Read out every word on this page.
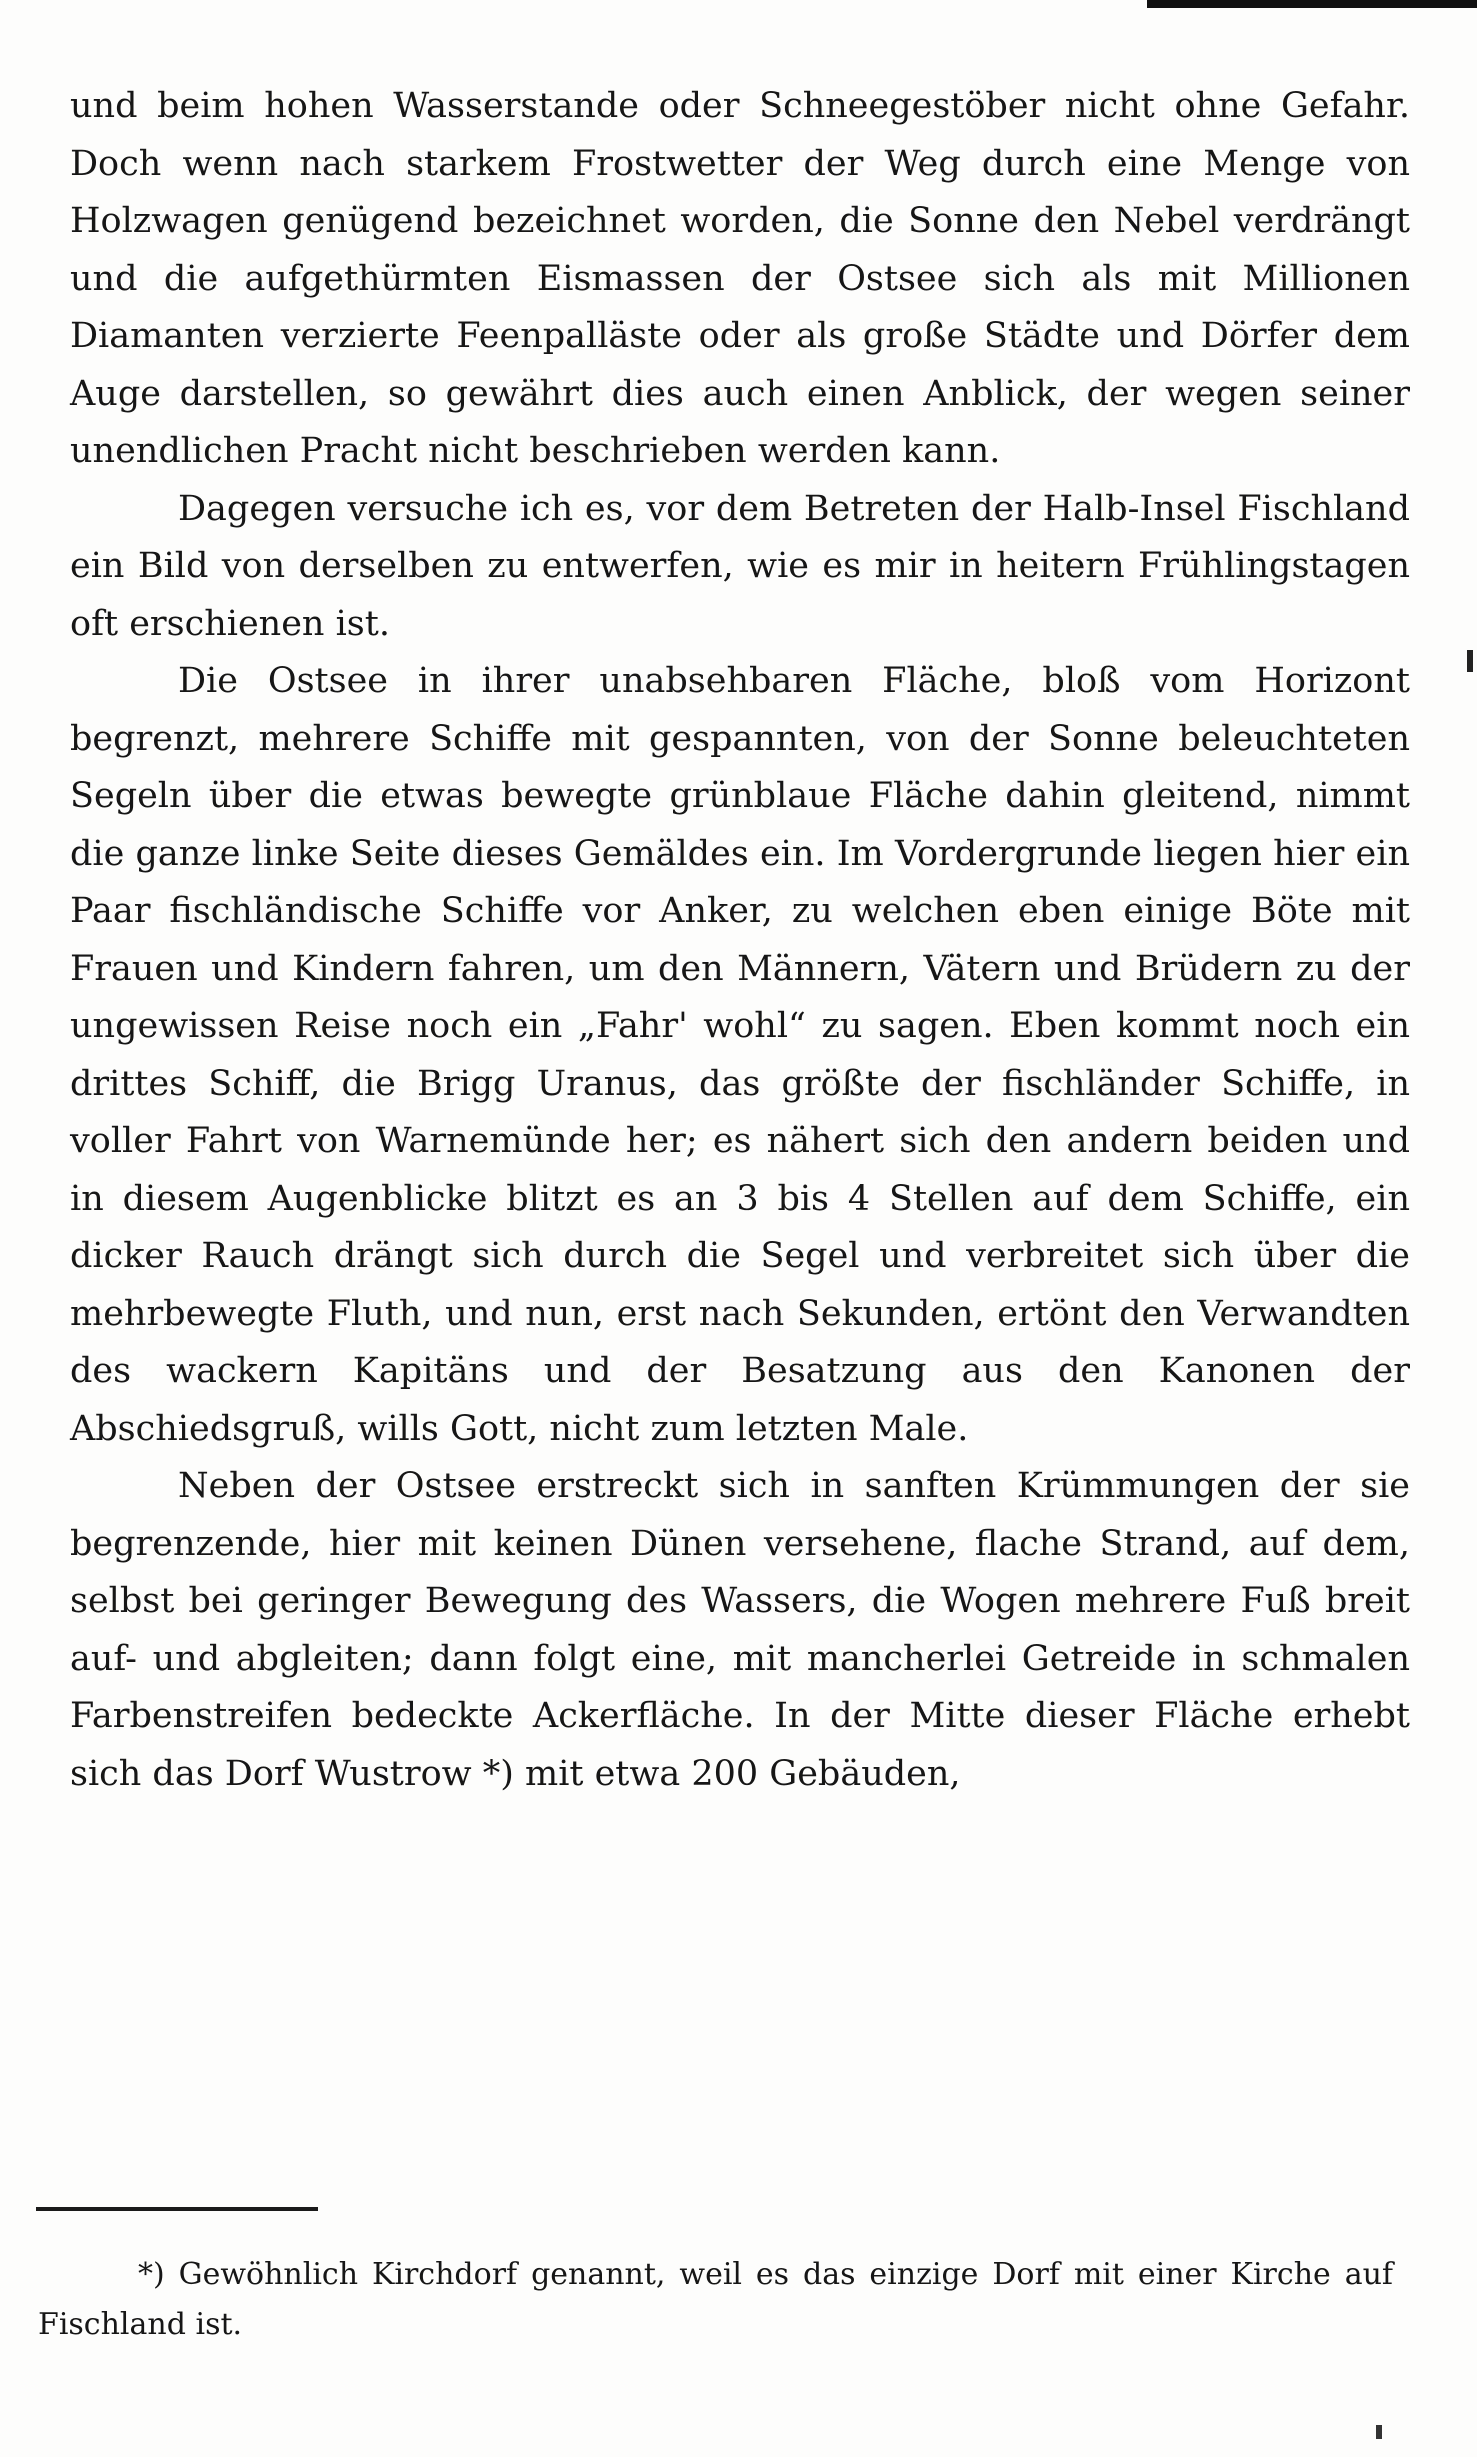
und beim hohen Wasserstande oder Schneegestöber nicht ohne Gefahr. Doch wenn nach starkem Frostwetter der Weg durch eine Menge von Holzwagen genügend bezeichnet worden, die Sonne den Nebel verdrängt und die aufgethürmten Eismassen der Ostsee sich als mit Millionen Diamanten verzierte Feenpalläste oder als große Städte und Dörfer dem Auge darstellen, so gewährt dies auch einen Anblick, der wegen seiner unendlichen Pracht nicht beschrieben werden kann.

Dagegen versuche ich es, vor dem Betreten der Halb-Insel Fischland ein Bild von derselben zu entwerfen, wie es mir in heitern Frühlingstagen oft erschienen ist.

Die Ostsee in ihrer unabsehbaren Fläche, bloß vom Horizont begrenzt, mehrere Schiffe mit gespannten, von der Sonne beleuchteten Segeln über die etwas bewegte grünblaue Fläche dahin gleitend, nimmt die ganze linke Seite dieses Gemäldes ein. Im Vordergrunde liegen hier ein Paar fischländische Schiffe vor Anker, zu welchen eben einige Böte mit Frauen und Kindern fahren, um den Männern, Vätern und Brüdern zu der ungewissen Reise noch ein „Fahr' wohl“ zu sagen. Eben kommt noch ein drittes Schiff, die Brigg Uranus, das größte der fischländer Schiffe, in voller Fahrt von Warnemünde her; es nähert sich den andern beiden und in diesem Augenblicke blitzt es an 3 bis 4 Stellen auf dem Schiffe, ein dicker Rauch drängt sich durch die Segel und verbreitet sich über die mehrbewegte Fluth, und nun, erst nach Sekunden, ertönt den Verwandten des wackern Kapitäns und der Besatzung aus den Kanonen der Abschiedsgruß, wills Gott, nicht zum letzten Male.

Neben der Ostsee erstreckt sich in sanften Krümmungen der sie begrenzende, hier mit keinen Dünen versehene, flache Strand, auf dem, selbst bei geringer Bewegung des Wassers, die Wogen mehrere Fuß breit auf- und abgleiten; dann folgt eine, mit mancherlei Getreide in schmalen Farbenstreifen bedeckte Ackerfläche. In der Mitte dieser Fläche erhebt sich das Dorf Wustrow *) mit etwa 200 Gebäuden,

*) Gewöhnlich Kirchdorf genannt, weil es das einzige Dorf mit einer Kirche auf Fischland ist.
